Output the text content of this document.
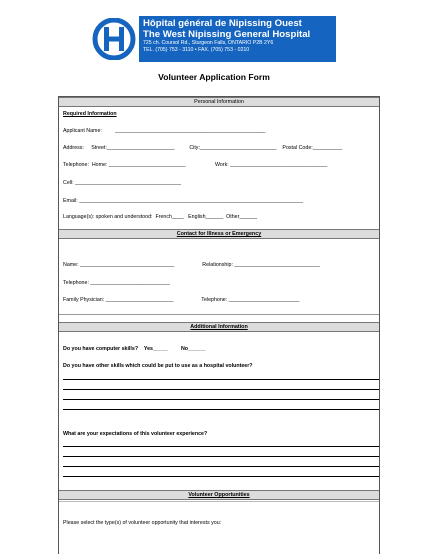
Hôpital général de Nipissing Ouest
The West Nipissing General Hospital
725 ch. Coursol Rd., Sturgeon Falls, ONTARIO P2B 2Y6
TEL. (705) 753 - 3110 • FAX. (705) 753 - 0210
Volunteer Application Form
Personal Information
Required Information
Applicant Name:         ___________________________________________________
Address:     Street:_______________________          City:__________________________    Postal Code:__________
Telephone:  Home: __________________________                    Work: _________________________________
Cell: ____________________________________
Email: ____________________________________________________________________________
Language(s): spoken and understood:  French____   English______  Other______
Contact for Illness or Emergency
Name: ________________________________                   Relationship: _____________________________
Telephone: ___________________________
Family Physician: _______________________                   Telephone: ________________________
Additional Information
Do you have computer skills?    Yes_____         No______
Do you have other skills which could be put to use as a hospital volunteer?
What are your expectations of this volunteer experience?
Volunteer Opportunities
Please select the type(s) of volunteer opportunity that interests you:
